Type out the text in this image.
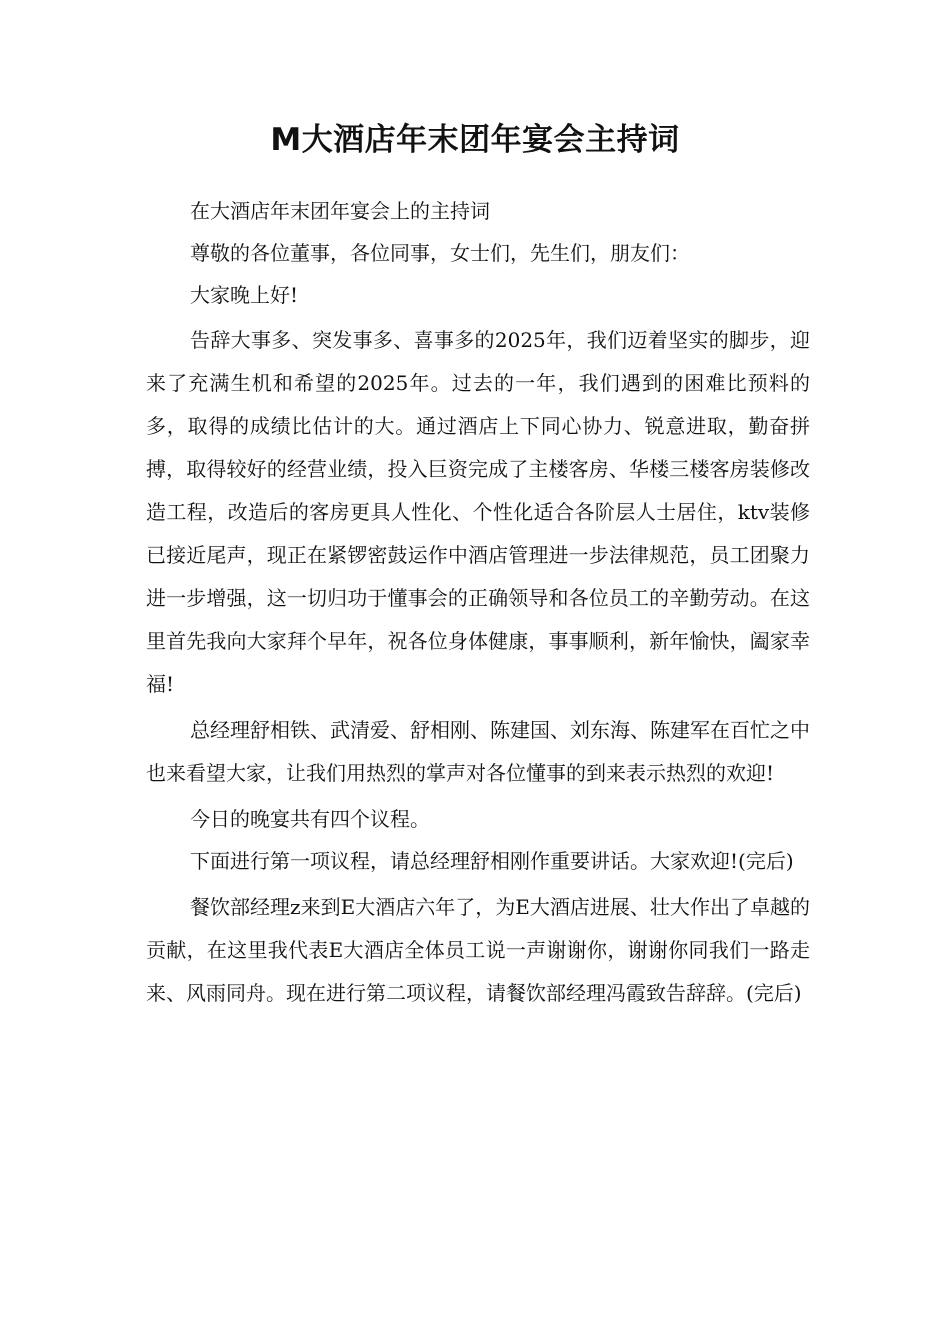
M大酒店年末团年宴会主持词

在大酒店年末团年宴会上的主持词

尊敬的各位董事，各位同事，女士们，先生们，朋友们：

大家晚上好!

告辞大事多、突发事多、喜事多的2025年，我们迈着坚实的脚步，迎来了充满生机和希望的2025年。过去的一年，我们遇到的困难比预料的多，取得的成绩比估计的大。通过酒店上下同心协力、锐意进取，勤奋拼搏，取得较好的经营业绩，投入巨资完成了主楼客房、华楼三楼客房装修改造工程，改造后的客房更具人性化、个性化适合各阶层人士居住，ktv装修已接近尾声，现正在紧锣密鼓运作中酒店管理进一步法律规范，员工团聚力进一步增强，这一切归功于懂事会的正确领导和各位员工的辛勤劳动。在这里首先我向大家拜个早年，祝各位身体健康，事事顺利，新年愉快，阖家幸福!

总经理舒相铁、武清爱、舒相刚、陈建国、刘东海、陈建军在百忙之中也来看望大家，让我们用热烈的掌声对各位懂事的到来表示热烈的欢迎!

今日的晚宴共有四个议程。

下面进行第一项议程，请总经理舒相刚作重要讲话。大家欢迎!(完后)

餐饮部经理z来到E大酒店六年了，为E大酒店进展、壮大作出了卓越的贡献，在这里我代表E大酒店全体员工说一声谢谢你，谢谢你同我们一路走来、风雨同舟。现在进行第二项议程，请餐饮部经理冯霞致告辞辞。(完后)
